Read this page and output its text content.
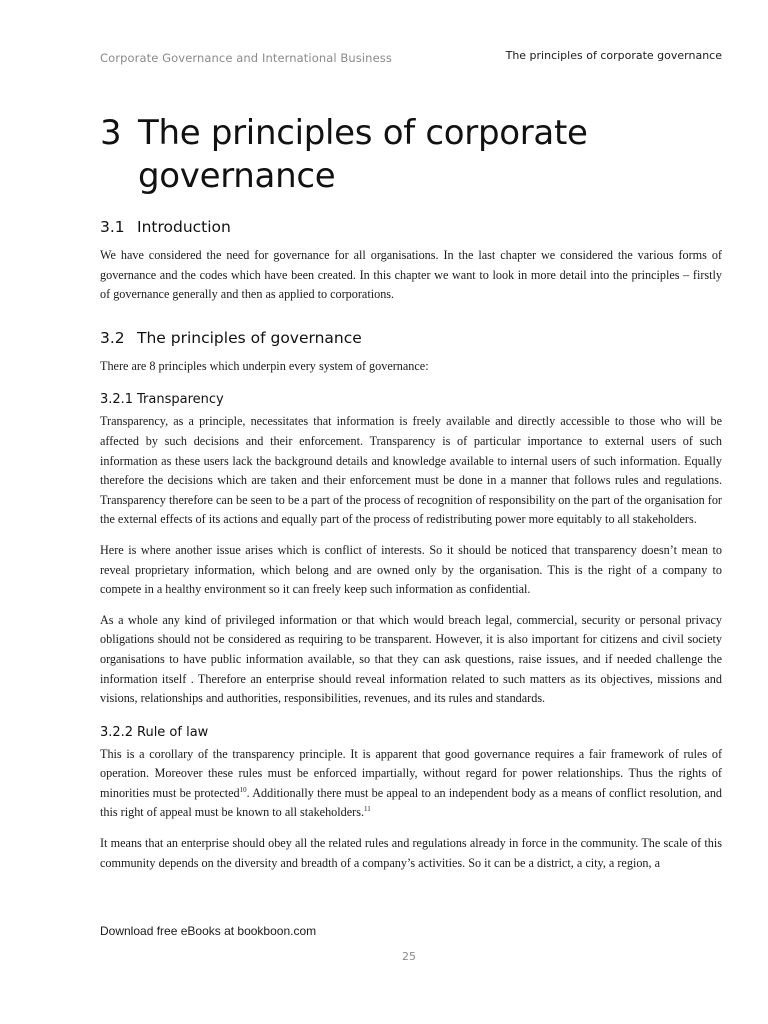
Corporate Governance and International Business	The principles of corporate governance
3 The principles of corporate governance
3.1 Introduction

We have considered the need for governance for all organisations. In the last chapter we considered the various forms of governance and the codes which have been created. In this chapter we want to look in more detail into the principles – firstly of governance generally and then as applied to corporations.

3.2 The principles of governance

There are 8 principles which underpin every system of governance:

3.2.1 Transparency

Transparency, as a principle, necessitates that information is freely available and directly accessible to those who will be affected by such decisions and their enforcement. Transparency is of particular importance to external users of such information as these users lack the background details and knowledge available to internal users of such information. Equally therefore the decisions which are taken and their enforcement must be done in a manner that follows rules and regulations. Transparency therefore can be seen to be a part of the process of recognition of responsibility on the part of the organisation for the external effects of its actions and equally part of the process of redistributing power more equitably to all stakeholders.

Here is where another issue arises which is conflict of interests. So it should be noticed that transparency doesn’t mean to reveal proprietary information, which belong and are owned only by the organisation. This is the right of a company to compete in a healthy environment so it can freely keep such information as confidential.

As a whole any kind of privileged information or that which would breach legal, commercial, security or personal privacy obligations should not be considered as requiring to be transparent. However, it is also important for citizens and civil society organisations to have public information available, so that they can ask questions, raise issues, and if needed challenge the information itself . Therefore an enterprise should reveal information related to such matters as its objectives, missions and visions, relationships and authorities, responsibilities, revenues, and its rules and standards.

3.2.2 Rule of law

This is a corollary of the transparency principle. It is apparent that good governance requires a fair framework of rules of operation. Moreover these rules must be enforced impartially, without regard for power relationships. Thus the rights of minorities must be protected$^{10}$. Additionally there must be appeal to an independent body as a means of conflict resolution, and this right of appeal must be known to all stakeholders.$^{11}$

It means that an enterprise should obey all the related rules and regulations already in force in the community. The scale of this community depends on the diversity and breadth of a company’s activities. So it can be a district, a city, a region, a

Download free eBooks at bookboon.com
25
